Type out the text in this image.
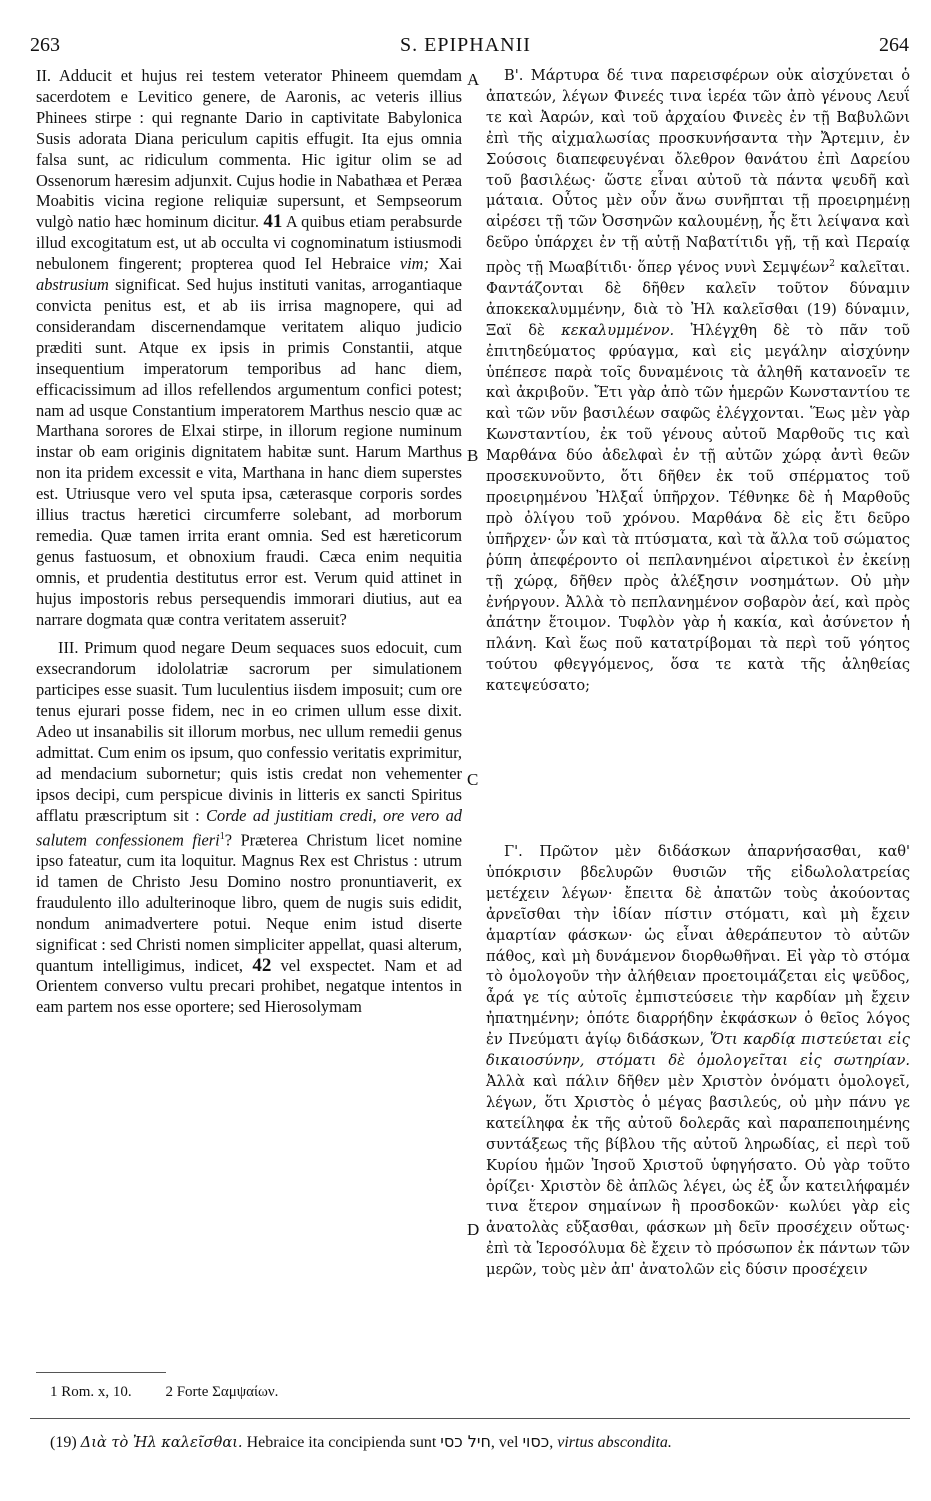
263	S. EPIPHANII	264

II. Adducit et hujus rei testem veterator Phineem quemdam sacerdotem e Levitico genere, de Aaronis, ac veteris illius Phinees stirpe : qui regnante Dario in captivitate Babylonica Susis adorata Diana periculum capitis effugit. Ita ejus omnia falsa sunt, ac ridiculum commenta. Hic igitur olim se ad Ossenorum hæresim adjunxit. Cujus hodie in Nabathæa et Peræa Moabitis vicina regione reliquiæ supersunt, et Sempseorum vulgò natio hæc hominum dicitur. 41 A quibus etiam perabsurde illud excogitatum est, ut ab occulta vi cognominatum istiusmodi nebulonem fingerent; propterea quod Iel Hebraice vim; Xai abstrusium significat. Sed hujus instituti vanitas, arrogantiaque convicta penitus est, et ab iis irrisa magnopere, qui ad considerandam discernendamque veritatem aliquo judicio præditi sunt. Atque ex ipsis in primis Constantii, atque insequentium imperatorum temporibus ad hanc diem, efficacissimum ad illos refellendos argumentum confici potest; nam ad usque Constantium imperatorem Marthus nescio quæ ac Marthana sorores de Elxai stirpe, in illorum regione numinum instar ob eam originis dignitatem habitæ sunt. Harum Marthus non ita pridem excessit e vita, Marthana in hanc diem superstes est. Utriusque vero vel sputa ipsa, cæterasque corporis sordes illius tractus hæretici circumferre solebant, ad morborum remedia. Quæ tamen irrita erant omnia. Sed est hæreticorum genus fastuosum, et obnoxium fraudi. Cæca enim nequitia omnis, et prudentia destitutus error est. Verum quid attinet in hujus impostoris rebus persequendis immorari diutius, aut ea narrare dogmata quæ contra veritatem asseruit?

III. Primum quod negare Deum sequaces suos edocuit, cum exsecrandorum idololatriæ sacrorum per simulationem participes esse suasit. Tum luculentius iisdem imposuit; cum ore tenus ejurari posse fidem, nec in eo crimen ullum esse dixit. Adeo ut insanabilis sit illorum morbus, nec ullum remedii genus admittat. Cum enim os ipsum, quo confessio veritatis exprimitur, ad mendacium subornetur; quis istis credat non vehementer ipsos decipi, cum perspicue divinis in litteris ex sancti Spiritus afflatu præscriptum sit : Corde ad justitiam credi, ore vero ad salutem confessionem fieri$^1$? Præterea Christum licet nomine ipso fateatur, cum ita loquitur. Magnus Rex est Christus : utrum id tamen de Christo Jesu Domino nostro pronuntiaverit, ex fraudulento illo adulterinoque libro, quem de nugis suis edidit, nondum animadvertere potui. Neque enim istud diserte significat : sed Christi nomen simpliciter appellat, quasi alterum, quantum intelligimus, indicet, 42 vel exspectet. Nam et ad Orientem converso vultu precari prohibet, negatque intentos in eam partem nos esse oportere; sed Hierosolymam

A
B
C
D

Β'. Μάρτυρα δέ τινα παρεισφέρων οὐκ αἰσχύνεται ὁ ἀπατεών, λέγων Φινεές τινα ἱερέα τῶν ἀπὸ γένους Λευΐ τε καὶ Ἀαρών, καὶ τοῦ ἀρχαίου Φινεὲς ἐν τῇ Βαβυλῶνι ἐπὶ τῆς αἰχμαλωσίας προσκυνήσαντα τὴν Ἄρτεμιν, ἐν Σούσοις διαπεφευγέναι ὄλεθρον θανάτου ἐπὶ Δαρείου τοῦ βασιλέως· ὥστε εἶναι αὐτοῦ τὰ πάντα ψευδῆ καὶ μάταια. Οὗτος μὲν οὖν ἄνω συνῆπται τῇ προειρημένῃ αἱρέσει τῇ τῶν Ὀσσηνῶν καλουμένῃ, ἧς ἔτι λείψανα καὶ δεῦρο ὑπάρχει ἐν τῇ αὐτῇ Ναβατίτιδι γῇ, τῇ καὶ Περαίᾳ πρὸς τῇ Μωαβίτιδι· ὅπερ γένος νυνὶ Σεμψέων$^2$ καλεῖται. Φαντάζονται δὲ δῆθεν καλεῖν τοῦτον δύναμιν ἀποκεκαλυμμένην, διὰ τὸ Ἠλ καλεῖσθαι (19) δύναμιν, Ξαϊ δὲ κεκαλυμμένον. Ἠλέγχθη δὲ τὸ πᾶν τοῦ ἐπιτηδεύματος φρύαγμα, καὶ εἰς μεγάλην αἰσχύνην ὑπέπεσε παρὰ τοῖς δυναμένοις τὰ ἀληθῆ κατανοεῖν τε καὶ ἀκριβοῦν. Ἔτι γὰρ ἀπὸ τῶν ἡμερῶν Κωνσταντίου τε καὶ τῶν νῦν βασιλέων σαφῶς ἐλέγχονται. Ἕως μὲν γὰρ Κωνσταντίου, ἐκ τοῦ γένους αὐτοῦ Μαρθοῦς τις καὶ Μαρθάνα δύο ἀδελφαὶ ἐν τῇ αὐτῶν χώρᾳ ἀντὶ θεῶν προσεκυνοῦντο, ὅτι δῆθεν ἐκ τοῦ σπέρματος τοῦ προειρημένου Ἠλξαΐ ὑπῆρχον. Τέθνηκε δὲ ἡ Μαρθοῦς πρὸ ὀλίγου τοῦ χρόνου. Μαρθάνα δὲ εἰς ἔτι δεῦρο ὑπῆρχεν· ὧν καὶ τὰ πτύσματα, καὶ τὰ ἄλλα τοῦ σώματος ῥύπη ἀπεφέροντο οἱ πεπλανημένοι αἱρετικοὶ ἐν ἐκείνῃ τῇ χώρᾳ, δῆθεν πρὸς ἀλέξησιν νοσημάτων. Οὐ μὴν ἐνήργουν. Ἀλλὰ τὸ πεπλανημένον σοβαρὸν ἀεί, καὶ πρὸς ἀπάτην ἕτοιμον. Τυφλὸν γὰρ ἡ κακία, καὶ ἀσύνετον ἡ πλάνη. Καὶ ἕως ποῦ κατατρίβομαι τὰ περὶ τοῦ γόητος τούτου φθεγγόμενος, ὅσα τε κατὰ τῆς ἀληθείας κατεψεύσατο;

Γ'. Πρῶτον μὲν διδάσκων ἀπαρνήσασθαι, καθ' ὑπόκρισιν βδελυρῶν θυσιῶν τῆς εἰδωλολατρείας μετέχειν λέγων· ἔπειτα δὲ ἀπατῶν τοὺς ἀκούοντας ἀρνεῖσθαι τὴν ἰδίαν πίστιν στόματι, καὶ μὴ ἔχειν ἁμαρτίαν φάσκων· ὡς εἶναι ἀθεράπευτον τὸ αὐτῶν πάθος, καὶ μὴ δυνάμενον διορθωθῆναι. Εἰ γὰρ τὸ στόμα τὸ ὁμολογοῦν τὴν ἀλήθειαν προετοιμάζεται εἰς ψεῦδος, ἆρά γε τίς αὐτοῖς ἐμπιστεύσειε τὴν καρδίαν μὴ ἔχειν ἠπατημένην; ὁπότε διαρρήδην ἐκφάσκων ὁ θεῖος λόγος ἐν Πνεύματι ἁγίῳ διδάσκων, Ὅτι καρδίᾳ πιστεύεται εἰς δικαιοσύνην, στόματι δὲ ὁμολογεῖται εἰς σωτηρίαν. Ἀλλὰ καὶ πάλιν δῆθεν μὲν Χριστὸν ὀνόματι ὁμολογεῖ, λέγων, ὅτι Χριστὸς ὁ μέγας βασιλεύς, οὐ μὴν πάνυ γε κατείληφα ἐκ τῆς αὐτοῦ δολερᾶς καὶ παραπεποιημένης συντάξεως τῆς βίβλου τῆς αὐτοῦ ληρωδίας, εἰ περὶ τοῦ Κυρίου ἡμῶν Ἰησοῦ Χριστοῦ ὑφηγήσατο. Οὐ γὰρ τοῦτο ὁρίζει· Χριστὸν δὲ ἁπλῶς λέγει, ὡς ἐξ ὧν κατειλήφαμέν τινα ἕτερον σημαίνων ἢ προσδοκῶν· κωλύει γὰρ εἰς ἀνατολὰς εὔξασθαι, φάσκων μὴ δεῖν προσέχειν οὕτως· ἐπὶ τὰ Ἱεροσόλυμα δὲ ἔχειν τὸ πρόσωπον ἐκ πάντων τῶν μερῶν, τοὺς μὲν ἀπ' ἀνατολῶν εἰς δύσιν προσέχειν

1 Rom. x, 10. 2 Forte Σαμψαίων.
(19) Διὰ τὸ Ἠλ καλεῖσθαι. Hebraice ita concipienda sunt חיל כסי, vel כסוי, virtus abscondita.
